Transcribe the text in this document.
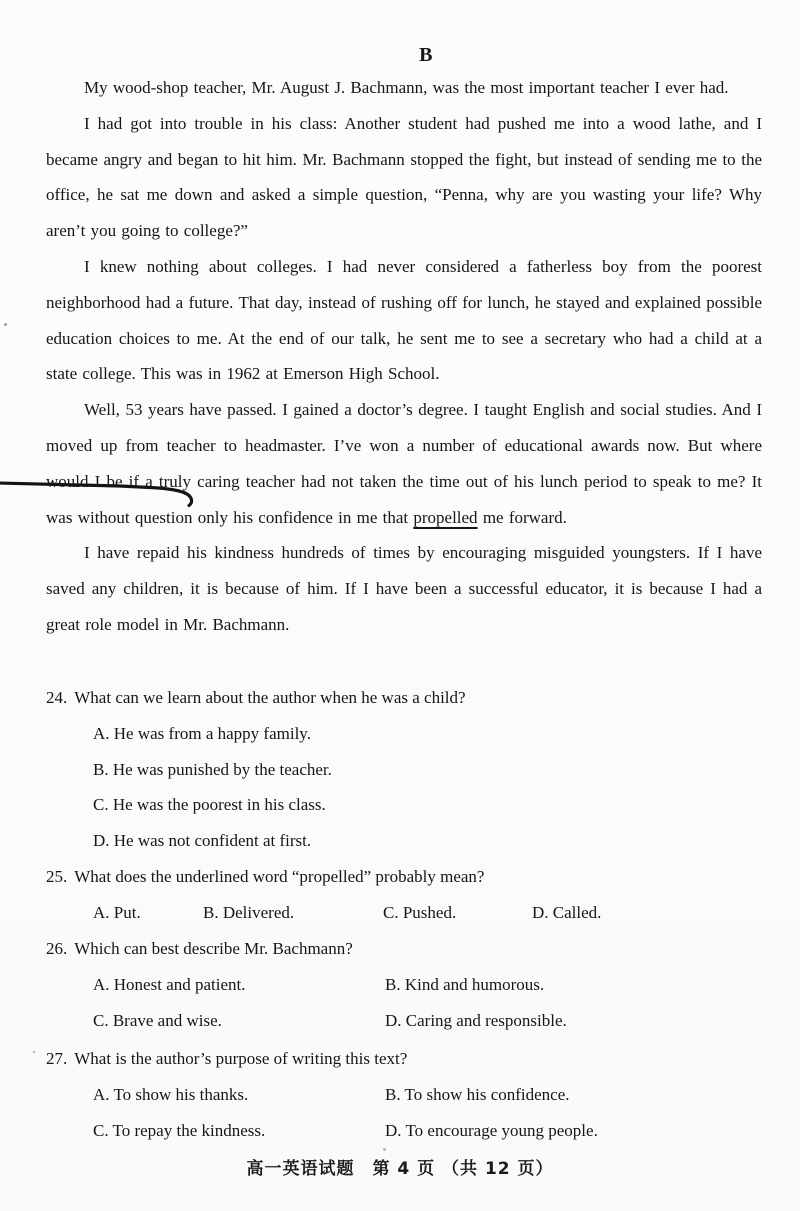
B

My wood-shop teacher, Mr. August J. Bachmann, was the most important teacher I ever had.

I had got into trouble in his class: Another student had pushed me into a wood lathe, and I became angry and began to hit him. Mr. Bachmann stopped the fight, but instead of sending me to the office, he sat me down and asked a simple question, “Penna, why are you wasting your life? Why aren’t you going to college?”

I knew nothing about colleges. I had never considered a fatherless boy from the poorest neighborhood had a future. That day, instead of rushing off for lunch, he stayed and explained possible education choices to me. At the end of our talk, he sent me to see a secretary who had a child at a state college. This was in 1962 at Emerson High School.

Well, 53 years have passed. I gained a doctor’s degree. I taught English and social studies. And I moved up from teacher to headmaster. I’ve won a number of educational awards now. But where would I be if a truly caring teacher had not taken the time out of his lunch period to speak to me? It was without question only his confidence in me that propelled me forward.

I have repaid his kindness hundreds of times by encouraging misguided youngsters. If I have saved any children, it is because of him. If I have been a successful educator, it is because I had a great role model in Mr. Bachmann.

24. What can we learn about the author when he was a child?
A. He was from a happy family.
B. He was punished by the teacher.
C. He was the poorest in his class.
D. He was not confident at first.
25. What does the underlined word “propelled” probably mean?
A. Put.	B. Delivered.	C. Pushed.	D. Called.
26. Which can best describe Mr. Bachmann?
A. Honest and patient.	B. Kind and humorous.
C. Brave and wise.	D. Caring and responsible.
27. What is the author’s purpose of writing this text?
A. To show his thanks.	B. To show his confidence.
C. To repay the kindness.	D. To encourage young people.
高一英语试题　第 4 页 （共 12 页）
